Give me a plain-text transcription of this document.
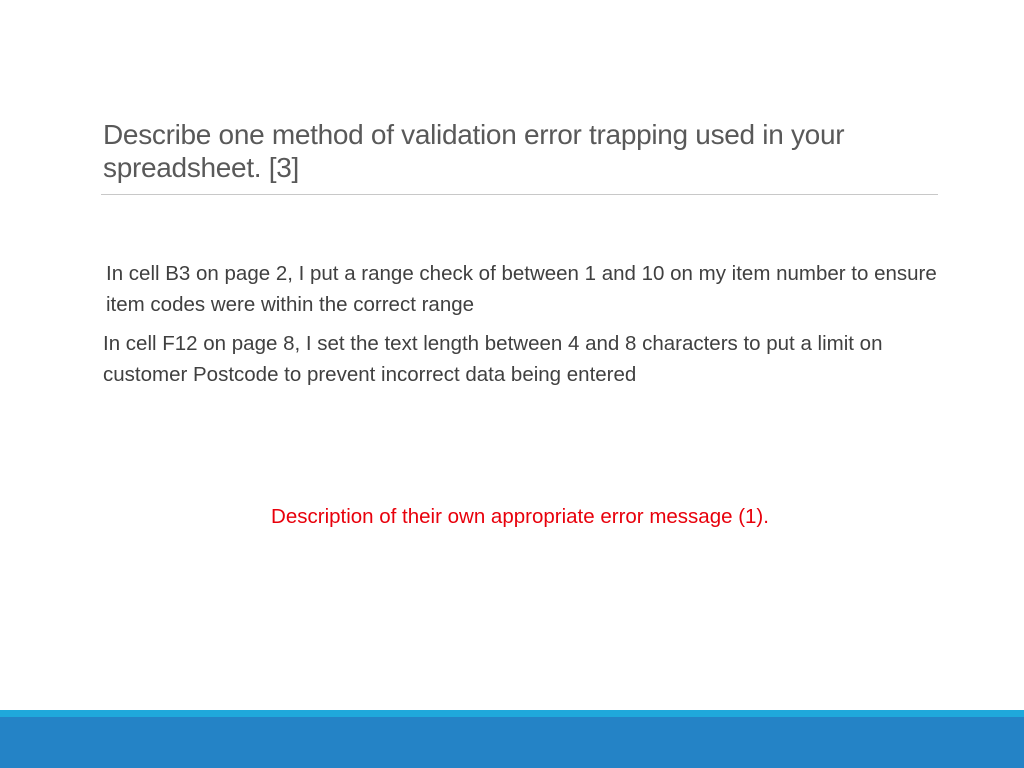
Describe one method of validation error trapping used in your spreadsheet. [3]

In cell B3 on page 2, I put a range check of between 1 and 10 on my item number to ensure item codes were within the correct range

In cell F12 on page 8, I set the text length between 4 and 8 characters to put a limit on customer Postcode to prevent incorrect data being entered

Description of their own appropriate error message (1).
